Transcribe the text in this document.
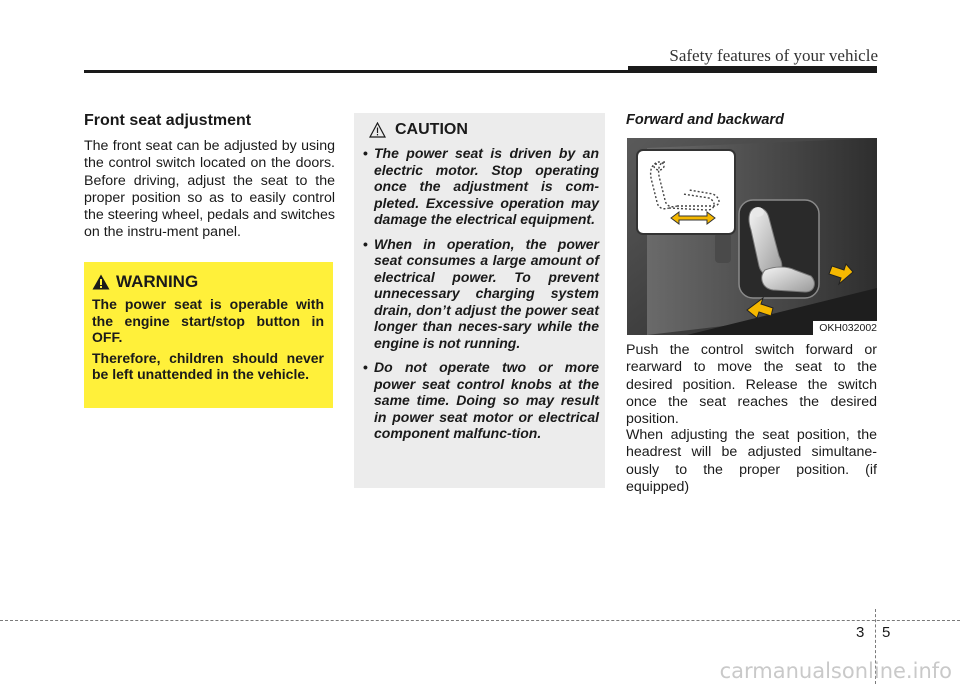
Safety features of your vehicle
Front seat adjustment

The front seat can be adjusted by using the control switch located on the doors. Before driving, adjust the seat to the proper position so as to easily control the steering wheel, pedals and switches on the instru-ment panel.

WARNING

The power seat is operable with the engine start/stop button in OFF.

Therefore, children should never be left unattended in the vehicle.

CAUTION
• The power seat is driven by an electric motor. Stop operating once the adjustment is com-pleted. Excessive operation may damage the electrical equipment.
• When in operation, the power seat consumes a large amount of electrical power. To prevent unnecessary charging system drain, don’t adjust the power seat longer than neces-sary while the engine is not running.
• Do not operate two or more power seat control knobs at the same time. Doing so may result in power seat motor or electrical component malfunc-tion.
Forward and backward
OKH032002

Push the control switch forward or rearward to move the seat to the desired position. Release the switch once the seat reaches the desired position.

When adjusting the seat position, the headrest will be adjusted simultane-ously to the proper position. (if equipped)

3 5
carmanualsonline.info
